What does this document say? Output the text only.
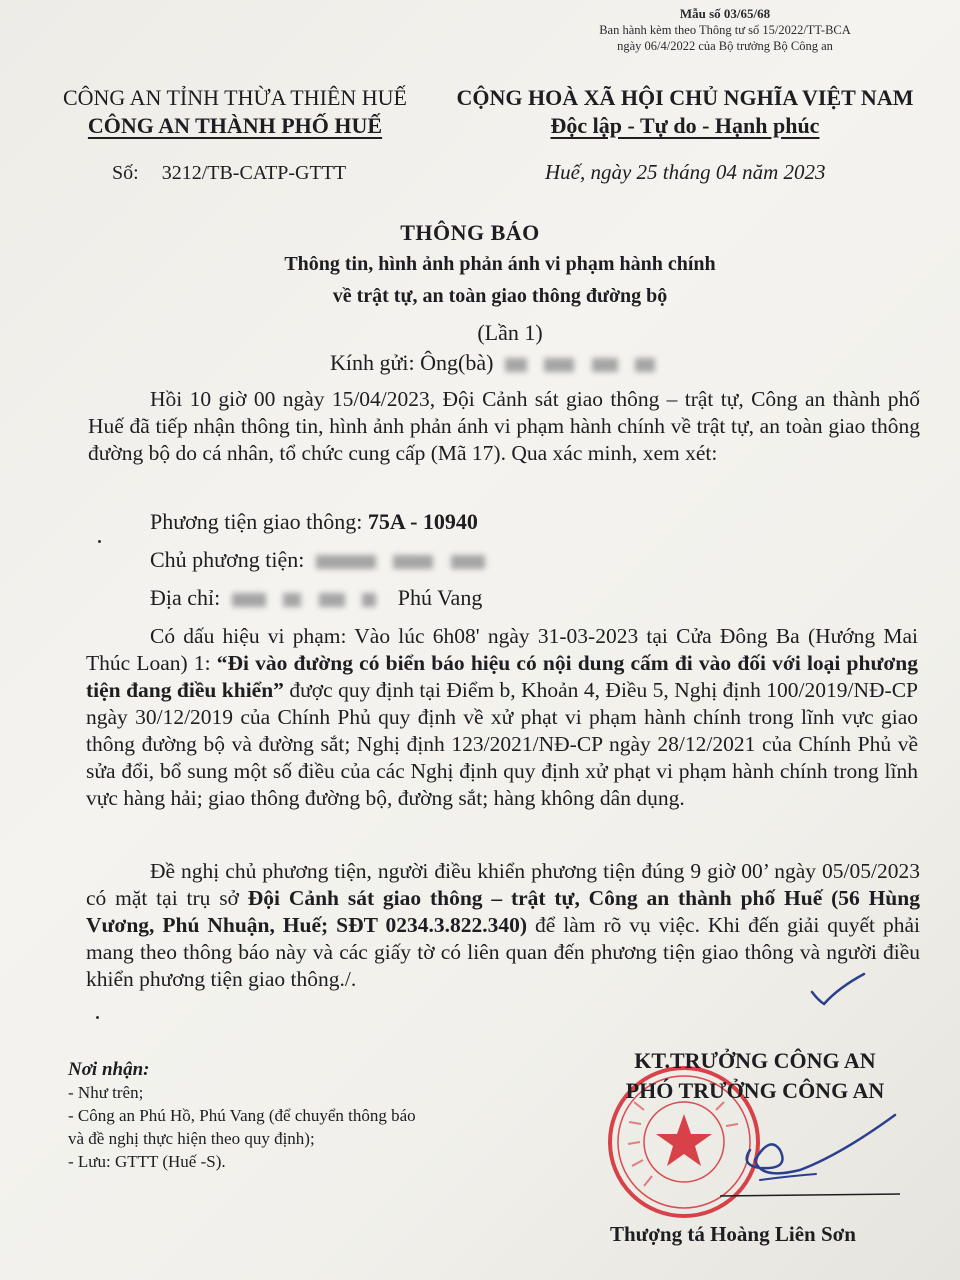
Mẫu số 03/65/68
Ban hành kèm theo Thông tư số 15/2022/TT-BCA
ngày 06/4/2022 của Bộ trưởng Bộ Công an
CÔNG AN TỈNH THỪA THIÊN HUẾ
CÔNG AN THÀNH PHỐ HUẾ
CỘNG HOÀ XÃ HỘI CHỦ NGHĨA VIỆT NAM
Độc lập - Tự do - Hạnh phúc
Số: 3212/TB-CATP-GTTT	Huế, ngày 25 tháng 04 năm 2023
THÔNG BÁO
Thông tin, hình ảnh phản ánh vi phạm hành chính
về trật tự, an toàn giao thông đường bộ
(Lần 1)
Kính gửi: Ông(bà)
Hồi 10 giờ 00 ngày 15/04/2023, Đội Cảnh sát giao thông – trật tự, Công an thành phố Huế đã tiếp nhận thông tin, hình ảnh phản ánh vi phạm hành chính về trật tự, an toàn giao thông đường bộ do cá nhân, tổ chức cung cấp (Mã 17). Qua xác minh, xem xét:
Phương tiện giao thông: 75A - 10940
Chủ phương tiện:
Địa chỉ:	Phú Vang
Có dấu hiệu vi phạm: Vào lúc 6h08' ngày 31-03-2023 tại Cửa Đông Ba (Hướng Mai Thúc Loan) 1: “Đi vào đường có biển báo hiệu có nội dung cấm đi vào đối với loại phương tiện đang điều khiển” được quy định tại Điểm b, Khoản 4, Điều 5, Nghị định 100/2019/NĐ-CP ngày 30/12/2019 của Chính Phủ quy định về xử phạt vi phạm hành chính trong lĩnh vực giao thông đường bộ và đường sắt; Nghị định 123/2021/NĐ-CP ngày 28/12/2021 của Chính Phủ về sửa đổi, bổ sung một số điều của các Nghị định quy định xử phạt vi phạm hành chính trong lĩnh vực hàng hải; giao thông đường bộ, đường sắt; hàng không dân dụng.
Đề nghị chủ phương tiện, người điều khiển phương tiện đúng 9 giờ 00’ ngày 05/05/2023 có mặt tại trụ sở Đội Cảnh sát giao thông – trật tự, Công an thành phố Huế (56 Hùng Vương, Phú Nhuận, Huế; SĐT 0234.3.822.340) để làm rõ vụ việc. Khi đến giải quyết phải mang theo thông báo này và các giấy tờ có liên quan đến phương tiện giao thông và người điều khiển phương tiện giao thông./.
Nơi nhận:
- Như trên;
- Công an Phú Hồ, Phú Vang (để chuyển thông báo
và đề nghị thực hiện theo quy định);
- Lưu: GTTT (Huế -S).
KT.TRƯỞNG CÔNG AN
PHÓ TRƯỞNG CÔNG AN
Thượng tá Hoàng Liên Sơn
